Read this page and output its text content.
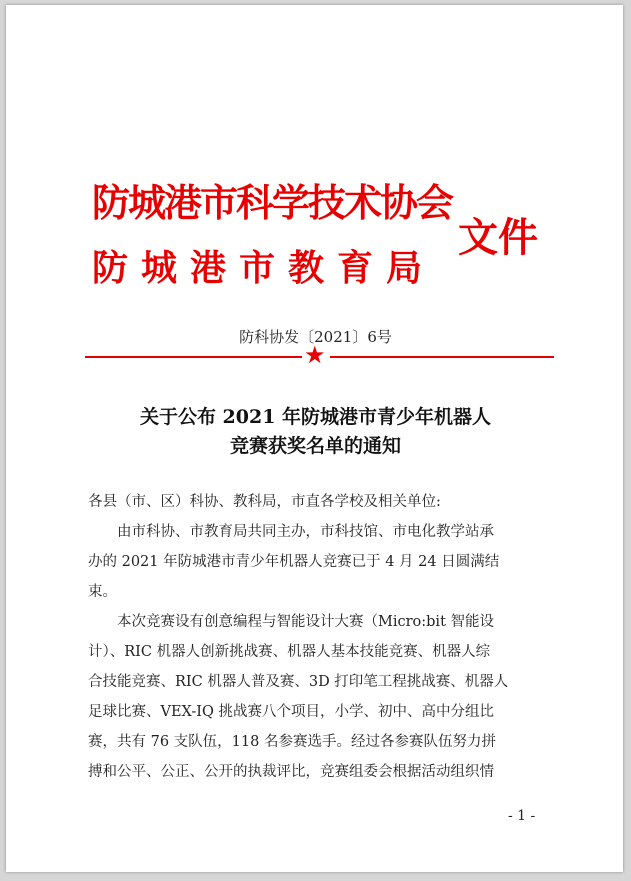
防城港市科学技术协会
防城港市教育局
文件
防科协发〔2021〕6号
★
关于公布 2021 年防城港市青少年机器人
竞赛获奖名单的通知
各县（市、区）科协、教科局，市直各学校及相关单位:
由市科协、市教育局共同主办，市科技馆、市电化教学站承
办的 2021 年防城港市青少年机器人竞赛已于 4 月 24 日圆满结
束。
本次竞赛设有创意编程与智能设计大赛（Micro:bit 智能设
计）、RIC 机器人创新挑战赛、机器人基本技能竞赛、机器人综
合技能竞赛、RIC 机器人普及赛、3D 打印笔工程挑战赛、机器人
足球比赛、VEX-IQ 挑战赛八个项目，小学、初中、高中分组比
赛，共有 76 支队伍，118 名参赛选手。经过各参赛队伍努力拼
搏和公平、公正、公开的执裁评比，竞赛组委会根据活动组织情
- 1 -
